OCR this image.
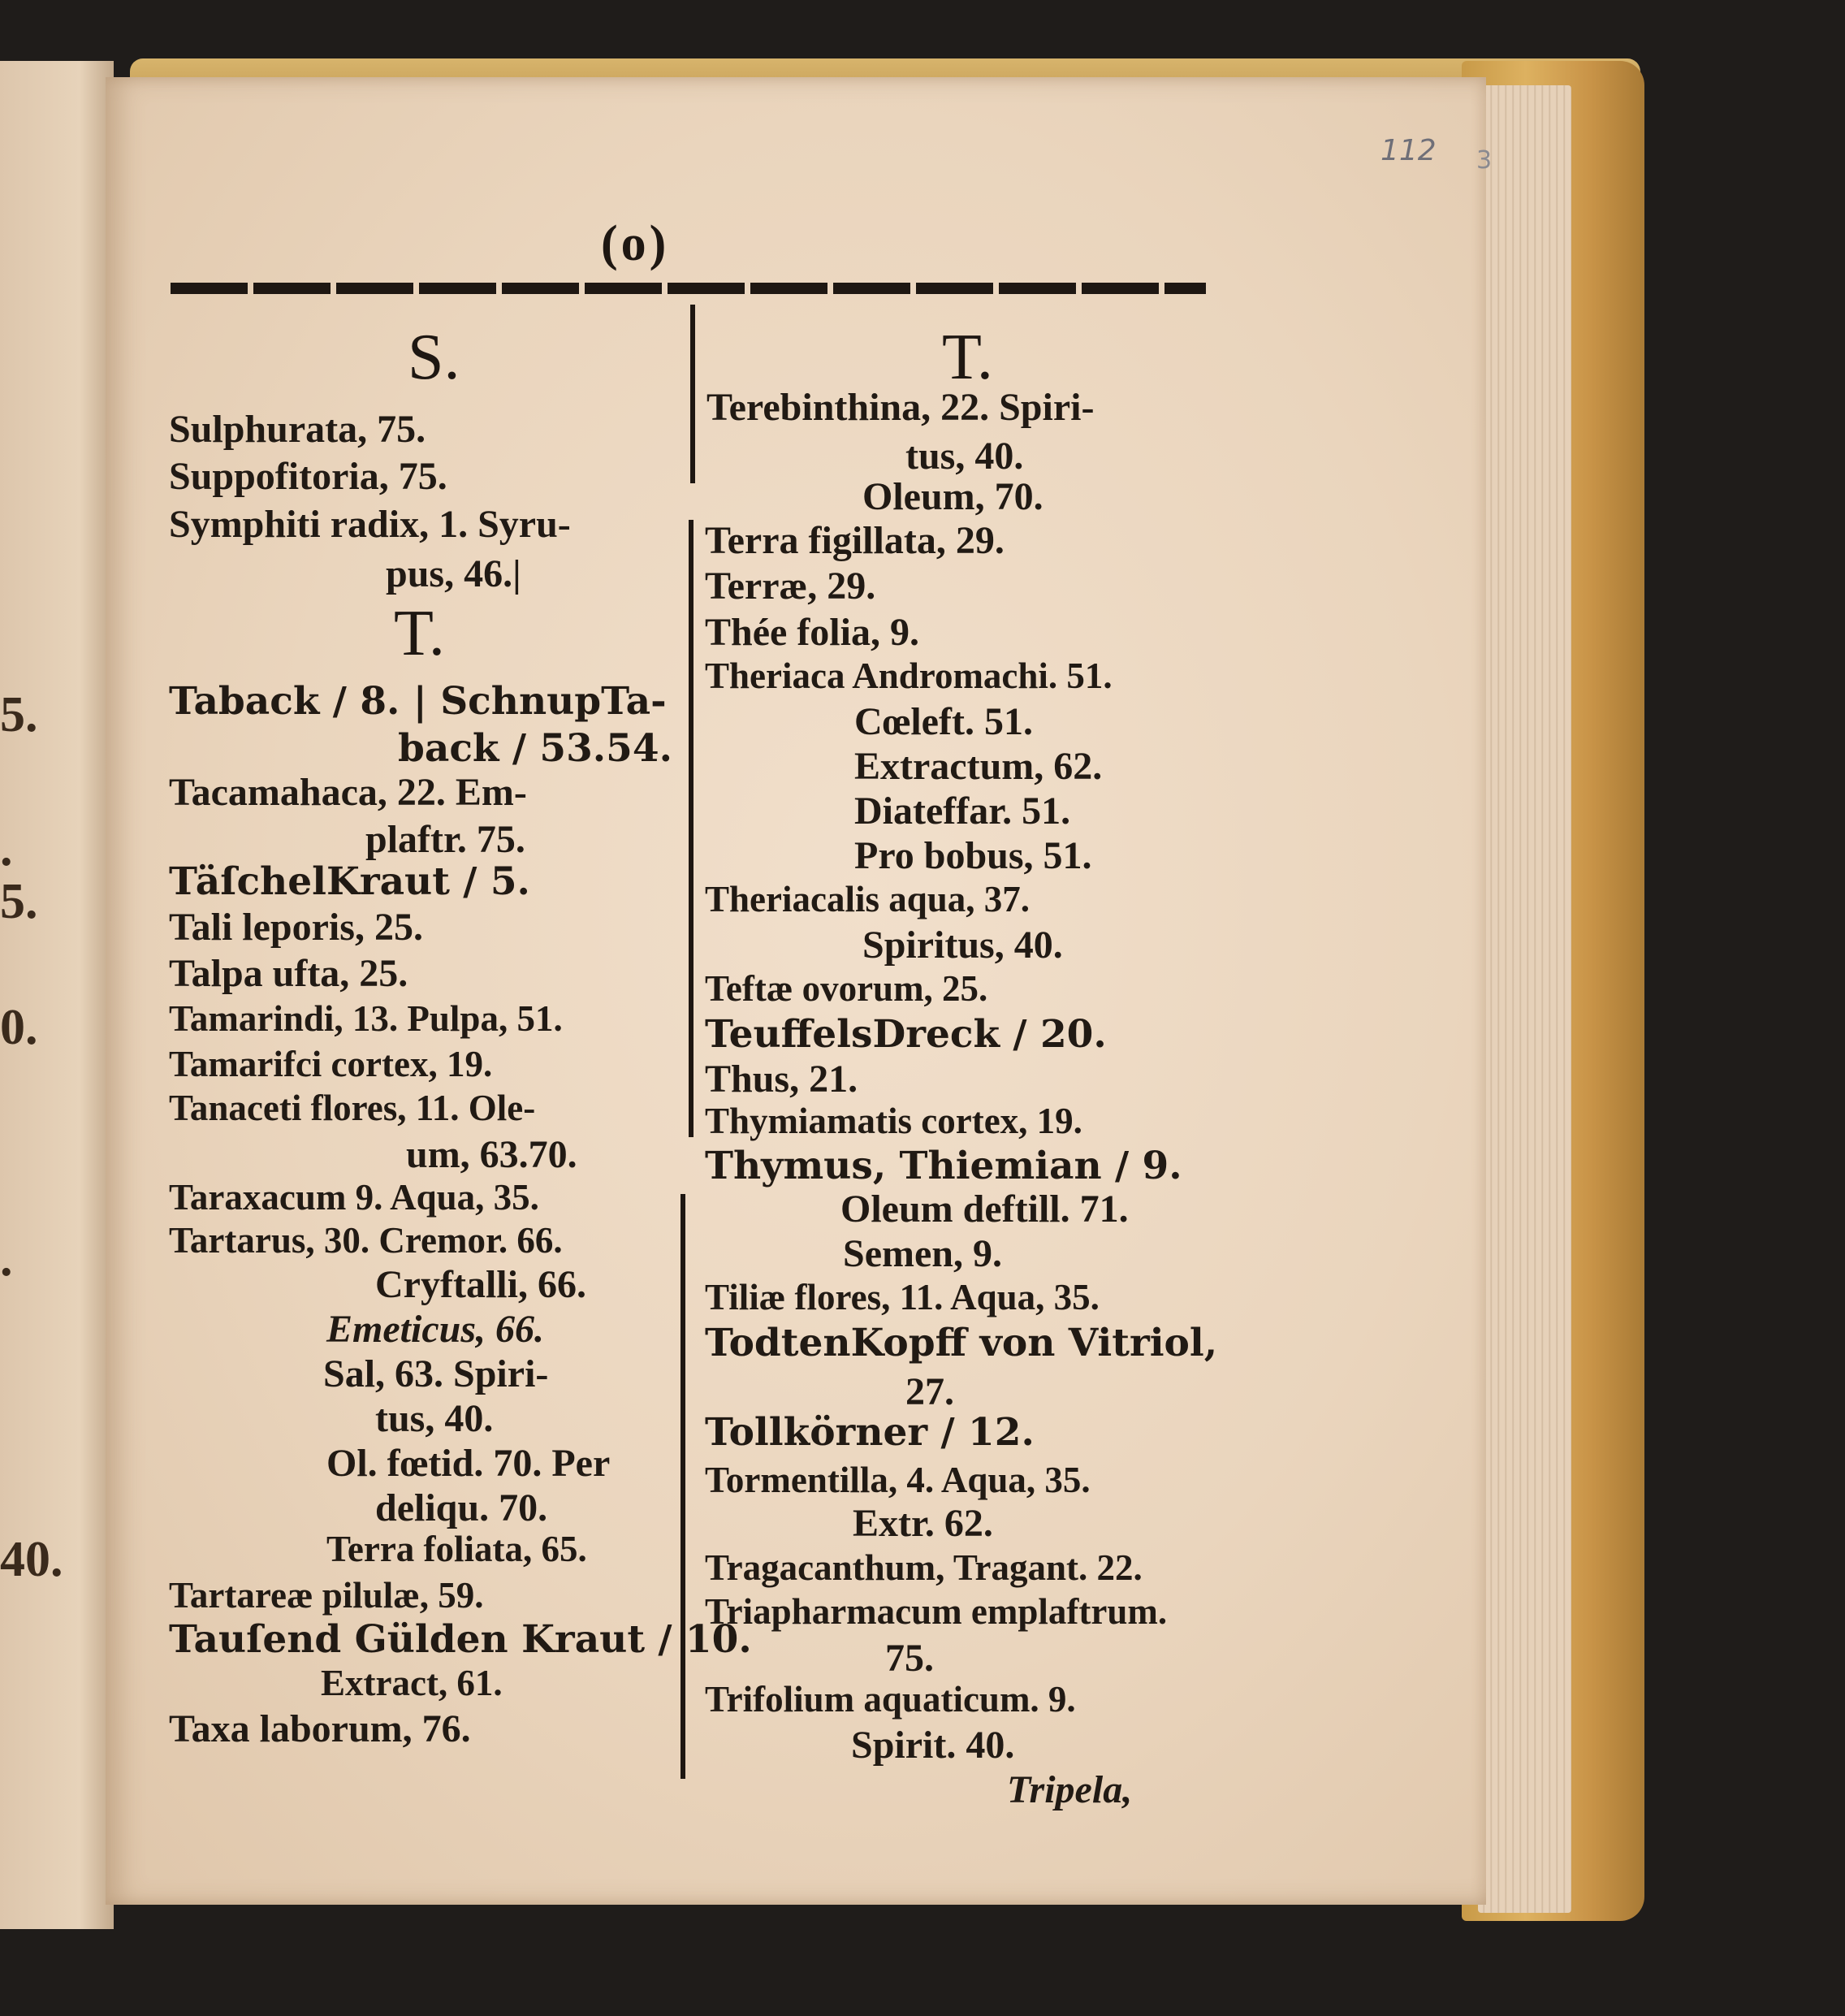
5.
.
5.
0.
.
40.
112 3
(o)
S.
Sulphurata, 75.
Suppofitoria, 75.
Symphiti radix, 1. Syru-
pus, 46.|
T.
Taback / 8. | SchnupTa-
back / 53.54.
Tacamahaca, 22. Em-
plaftr. 75.
TäſchelKraut / 5.
Tali leporis, 25.
Talpa ufta, 25.
Tamarindi, 13. Pulpa, 51.
Tamarifci cortex, 19.
Tanaceti flores, 11. Ole-
um, 63.70.
Taraxacum 9. Aqua, 35.
Tartarus, 30. Cremor. 66.
Cryftalli, 66.
Emeticus, 66.
Sal, 63. Spiri-
tus, 40.
Ol. fœtid. 70. Per
deliqu. 70.
Terra foliata, 65.
Tartareæ pilulæ, 59.
Tauſend Gülden Kraut / 10.
Extract, 61.
Taxa laborum, 76.
T.
Terebinthina, 22. Spiri-
tus, 40.
Oleum, 70.
Terra figillata, 29.
Terræ, 29.
Thée folia, 9.
Theriaca Andromachi. 51.
Cœleft. 51.
Extractum, 62.
Diateffar. 51.
Pro bobus, 51.
Theriacalis aqua, 37.
Spiritus, 40.
Teftæ ovorum, 25.
TeuffelsDreck / 20.
Thus, 21.
Thymiamatis cortex, 19.
Thymus, Thiemian / 9.
Oleum deftill. 71.
Semen, 9.
Tiliæ flores, 11. Aqua, 35.
TodtenKopff von Vitriol,
27.
Tollkörner / 12.
Tormentilla, 4. Aqua, 35.
Extr. 62.
Tragacanthum, Tragant. 22.
Triapharmacum emplaftrum.
75.
Trifolium aquaticum. 9.
Spirit. 40.
Tripela,
